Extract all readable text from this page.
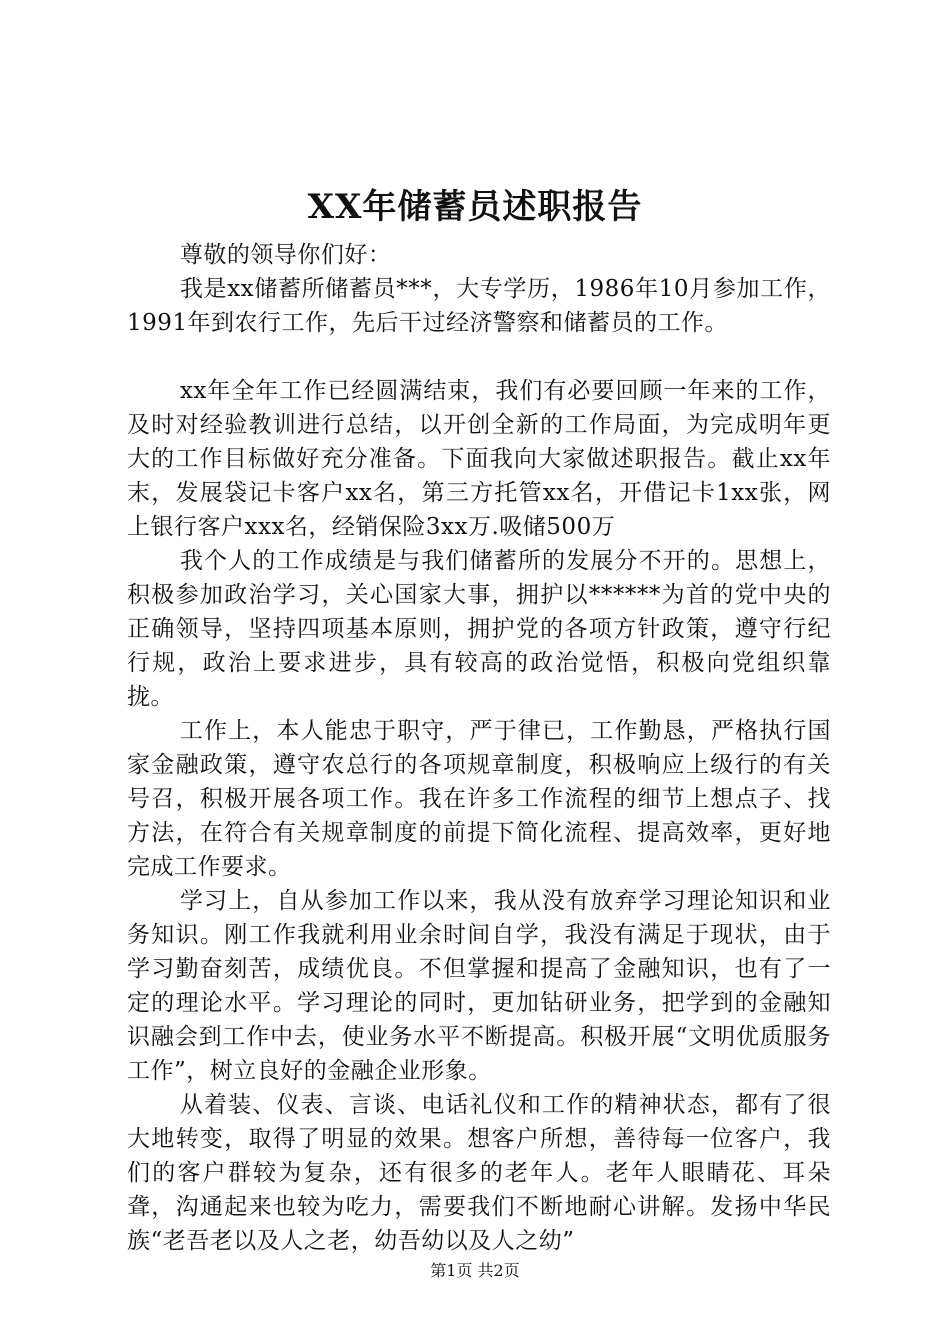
XX年储蓄员述职报告

尊敬的领导你们好：

我是xx储蓄所储蓄员***，大专学历，1986年10月参加工作，1991年到农行工作，先后干过经济警察和储蓄员的工作。

xx年全年工作已经圆满结束，我们有必要回顾一年来的工作，及时对经验教训进行总结，以开创全新的工作局面，为完成明年更大的工作目标做好充分准备。下面我向大家做述职报告。截止xx年末，发展袋记卡客户xx名，第三方托管xx名，开借记卡1xx张，网上银行客户xxx名，经销保险3xx万.吸储500万

我个人的工作成绩是与我们储蓄所的发展分不开的。思想上，积极参加政治学习，关心国家大事，拥护以******为首的党中央的正确领导，坚持四项基本原则，拥护党的各项方针政策，遵守行纪行规，政治上要求进步，具有较高的政治觉悟，积极向党组织靠拢。

工作上，本人能忠于职守，严于律已，工作勤恳，严格执行国家金融政策，遵守农总行的各项规章制度，积极响应上级行的有关号召，积极开展各项工作。我在许多工作流程的细节上想点子、找方法，在符合有关规章制度的前提下简化流程、提高效率，更好地完成工作要求。

学习上，自从参加工作以来，我从没有放弃学习理论知识和业务知识。刚工作我就利用业余时间自学，我没有满足于现状，由于学习勤奋刻苦，成绩优良。不但掌握和提高了金融知识，也有了一定的理论水平。学习理论的同时，更加钻研业务，把学到的金融知识融会到工作中去，使业务水平不断提高。积极开展“文明优质服务工作”，树立良好的金融企业形象。

从着装、仪表、言谈、电话礼仪和工作的精神状态，都有了很大地转变，取得了明显的效果。想客户所想，善待每一位客户，我们的客户群较为复杂，还有很多的老年人。老年人眼睛花、耳朵聋，沟通起来也较为吃力，需要我们不断地耐心讲解。发扬中华民族“老吾老以及人之老，幼吾幼以及人之幼”

第1页 共2页
